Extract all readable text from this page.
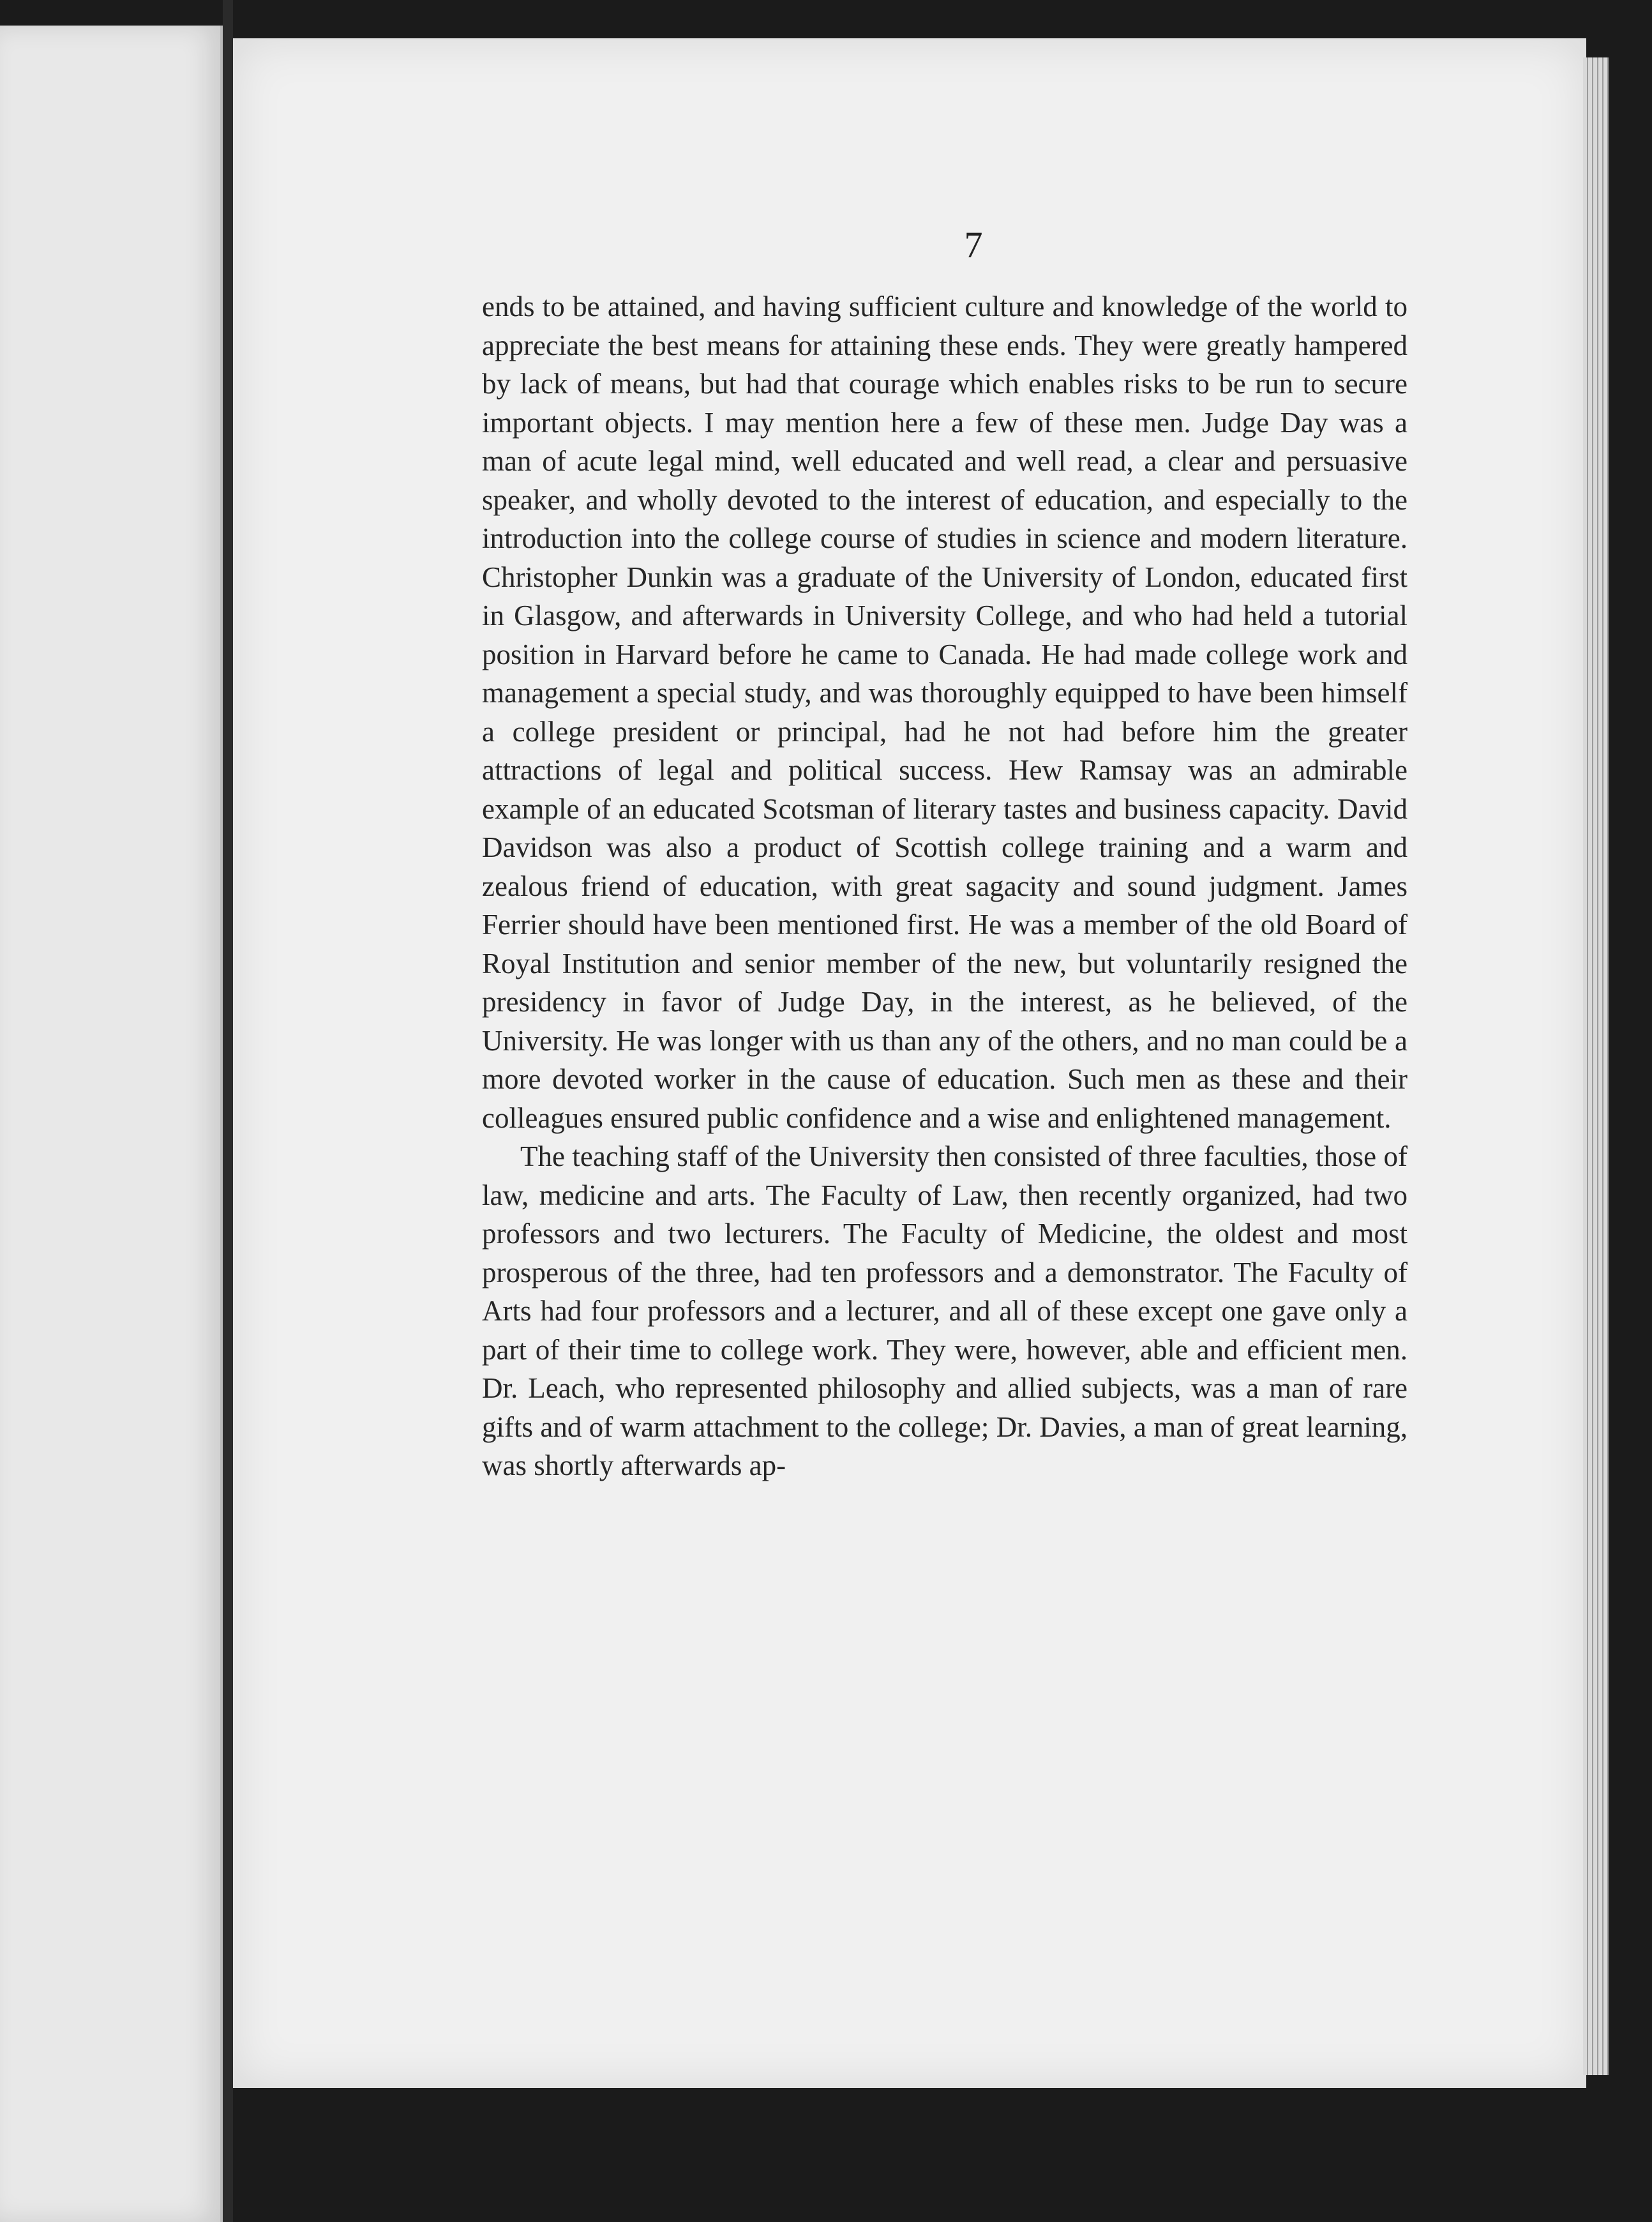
7

ends to be attained, and having sufficient culture and knowledge of the world to appreciate the best means for attaining these ends. They were greatly hampered by lack of means, but had that courage which enables risks to be run to secure important objects. I may mention here a few of these men. Judge Day was a man of acute legal mind, well educated and well read, a clear and persuasive speaker, and wholly devoted to the interest of education, and especially to the introduction into the college course of studies in science and modern literature. Christopher Dunkin was a graduate of the University of London, educated first in Glasgow, and afterwards in University College, and who had held a tutorial position in Harvard before he came to Canada. He had made college work and management a special study, and was thoroughly equipped to have been himself a college president or principal, had he not had before him the greater attractions of legal and political success. Hew Ramsay was an admirable example of an educated Scotsman of literary tastes and business capacity. David Davidson was also a product of Scottish college training and a warm and zealous friend of education, with great sagacity and sound judgment. James Ferrier should have been mentioned first. He was a member of the old Board of Royal Institution and senior member of the new, but voluntarily resigned the presidency in favor of Judge Day, in the interest, as he believed, of the University. He was longer with us than any of the others, and no man could be a more devoted worker in the cause of education. Such men as these and their colleagues ensured public confidence and a wise and enlightened management.

The teaching staff of the University then consisted of three faculties, those of law, medicine and arts. The Faculty of Law, then recently organized, had two professors and two lecturers. The Faculty of Medicine, the oldest and most prosperous of the three, had ten professors and a demonstrator. The Faculty of Arts had four professors and a lecturer, and all of these except one gave only a part of their time to college work. They were, however, able and efficient men. Dr. Leach, who represented philosophy and allied subjects, was a man of rare gifts and of warm attachment to the college; Dr. Davies, a man of great learning, was shortly afterwards ap-
